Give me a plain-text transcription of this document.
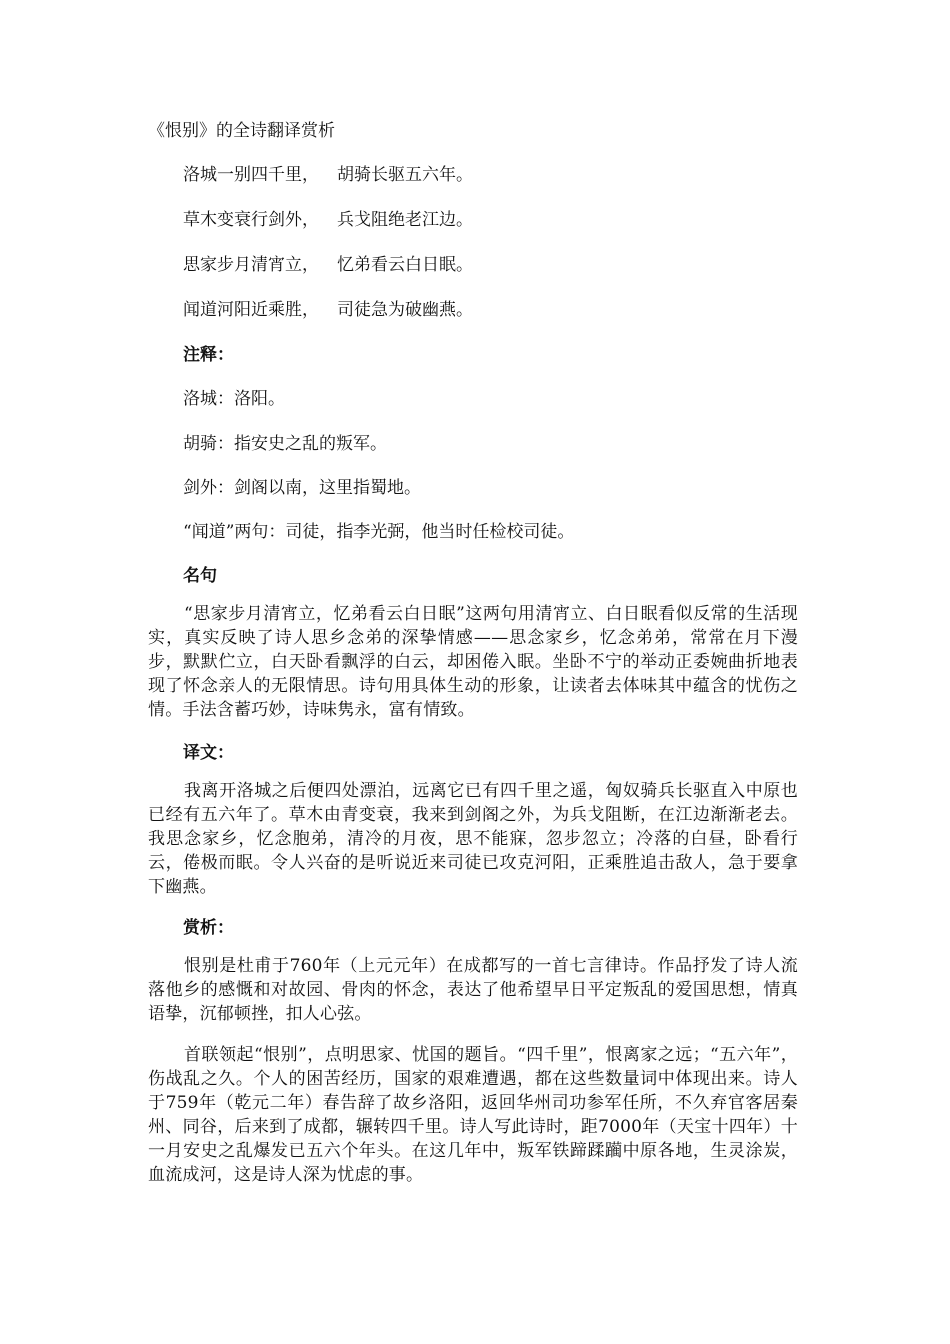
《恨别》的全诗翻译赏析

洛城一别四千里， 胡骑长驱五六年。

草木变衰行剑外， 兵戈阻绝老江边。

思家步月清宵立， 忆弟看云白日眠。

闻道河阳近乘胜， 司徒急为破幽燕。

注释：

洛城：洛阳。

胡骑：指安史之乱的叛军。

剑外：剑阁以南，这里指蜀地。

“闻道”两句：司徒，指李光弼，他当时任检校司徒。

名句

“思家步月清宵立，忆弟看云白日眠”这两句用清宵立、白日眠看似反常的生活现实，真实反映了诗人思乡念弟的深挚情感——思念家乡，忆念弟弟，常常在月下漫步，默默伫立，白天卧看飘浮的白云，却困倦入眠。坐卧不宁的举动正委婉曲折地表现了怀念亲人的无限情思。诗句用具体生动的形象，让读者去体味其中蕴含的忧伤之情。手法含蓄巧妙，诗味隽永，富有情致。

译文：

我离开洛城之后便四处漂泊，远离它已有四千里之遥，匈奴骑兵长驱直入中原也已经有五六年了。草木由青变衰，我来到剑阁之外，为兵戈阻断，在江边渐渐老去。我思念家乡，忆念胞弟，清冷的月夜，思不能寐，忽步忽立；冷落的白昼，卧看行云，倦极而眠。令人兴奋的是听说近来司徒已攻克河阳，正乘胜追击敌人，急于要拿下幽燕。

赏析：

恨别是杜甫于760年（上元元年）在成都写的一首七言律诗。作品抒发了诗人流落他乡的感慨和对故园、骨肉的怀念，表达了他希望早日平定叛乱的爱国思想，情真语挚，沉郁顿挫，扣人心弦。

首联领起“恨别”，点明思家、忧国的题旨。“四千里”，恨离家之远；“五六年”，伤战乱之久。个人的困苦经历，国家的艰难遭遇，都在这些数量词中体现出来。诗人于759年（乾元二年）春告辞了故乡洛阳，返回华州司功参军任所，不久弃官客居秦州、同谷，后来到了成都，辗转四千里。诗人写此诗时，距7000年（天宝十四年）十一月安史之乱爆发已五六个年头。在这几年中，叛军铁蹄蹂躏中原各地，生灵涂炭，血流成河，这是诗人深为忧虑的事。
